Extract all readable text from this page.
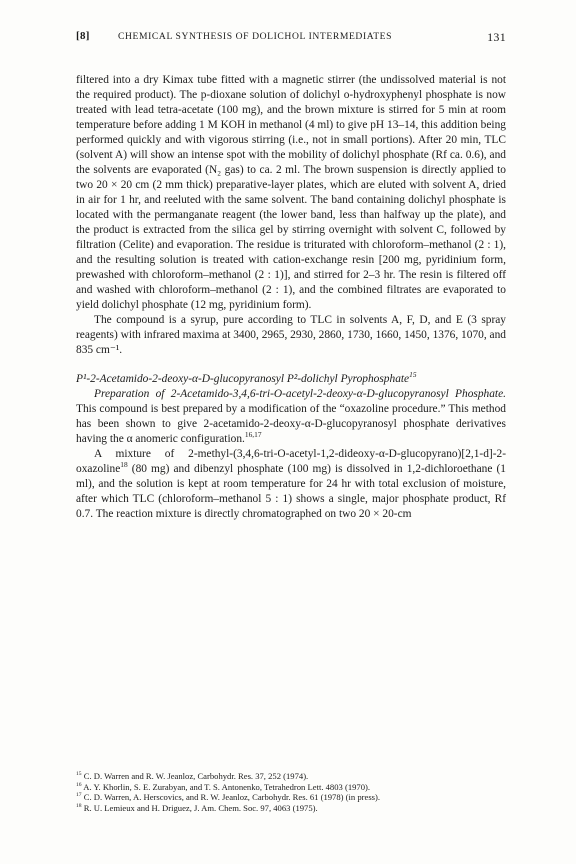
[8]	CHEMICAL SYNTHESIS OF DOLICHOL INTERMEDIATES	131

filtered into a dry Kimax tube fitted with a magnetic stirrer (the undissolved material is not the required product). The p-dioxane solution of dolichyl o-hydroxyphenyl phosphate is now treated with lead tetra-acetate (100 mg), and the brown mixture is stirred for 5 min at room temperature before adding 1 M KOH in methanol (4 ml) to give pH 13–14, this addition being performed quickly and with vigorous stirring (i.e., not in small portions). After 20 min, TLC (solvent A) will show an intense spot with the mobility of dolichyl phosphate (Rf ca. 0.6), and the solvents are evaporated (N₂ gas) to ca. 2 ml. The brown suspension is directly applied to two 20 × 20 cm (2 mm thick) preparative-layer plates, which are eluted with solvent A, dried in air for 1 hr, and reeluted with the same solvent. The band containing dolichyl phosphate is located with the permanganate reagent (the lower band, less than halfway up the plate), and the product is extracted from the silica gel by stirring overnight with solvent C, followed by filtration (Celite) and evaporation. The residue is triturated with chloroform–methanol (2 : 1), and the resulting solution is treated with cation-exchange resin [200 mg, pyridinium form, prewashed with chloroform–methanol (2 : 1)], and stirred for 2–3 hr. The resin is filtered off and washed with chloroform–methanol (2 : 1), and the combined filtrates are evaporated to yield dolichyl phosphate (12 mg, pyridinium form).

The compound is a syrup, pure according to TLC in solvents A, F, D, and E (3 spray reagents) with infrared maxima at 3400, 2965, 2930, 2860, 1730, 1660, 1450, 1376, 1070, and 835 cm⁻¹.

P¹-2-Acetamido-2-deoxy-α-D-glucopyranosyl P²-dolichyl Pyrophosphate$^{15}$

Preparation of 2-Acetamido-3,4,6-tri-O-acetyl-2-deoxy-α-D-glucopyranosyl Phosphate. This compound is best prepared by a modification of the “oxazoline procedure.” This method has been shown to give 2-acetamido-2-deoxy-α-D-glucopyranosyl phosphate derivatives having the α anomeric configuration.$^{16,17}$

A mixture of 2-methyl-(3,4,6-tri-O-acetyl-1,2-dideoxy-α-D-glucopyrano)[2,1-d]-2-oxazoline$^{18}$ (80 mg) and dibenzyl phosphate (100 mg) is dissolved in 1,2-dichloroethane (1 ml), and the solution is kept at room temperature for 24 hr with total exclusion of moisture, after which TLC (chloroform–methanol 5 : 1) shows a single, major phosphate product, Rf 0.7. The reaction mixture is directly chromatographed on two 20 × 20-cm

$^{15}$ C. D. Warren and R. W. Jeanloz, Carbohydr. Res. 37, 252 (1974).
$^{16}$ A. Y. Khorlin, S. E. Zurabyan, and T. S. Antonenko, Tetrahedron Lett. 4803 (1970).
$^{17}$ C. D. Warren, A. Herscovics, and R. W. Jeanloz, Carbohydr. Res. 61 (1978) (in press).
$^{18}$ R. U. Lemieux and H. Driguez, J. Am. Chem. Soc. 97, 4063 (1975).
